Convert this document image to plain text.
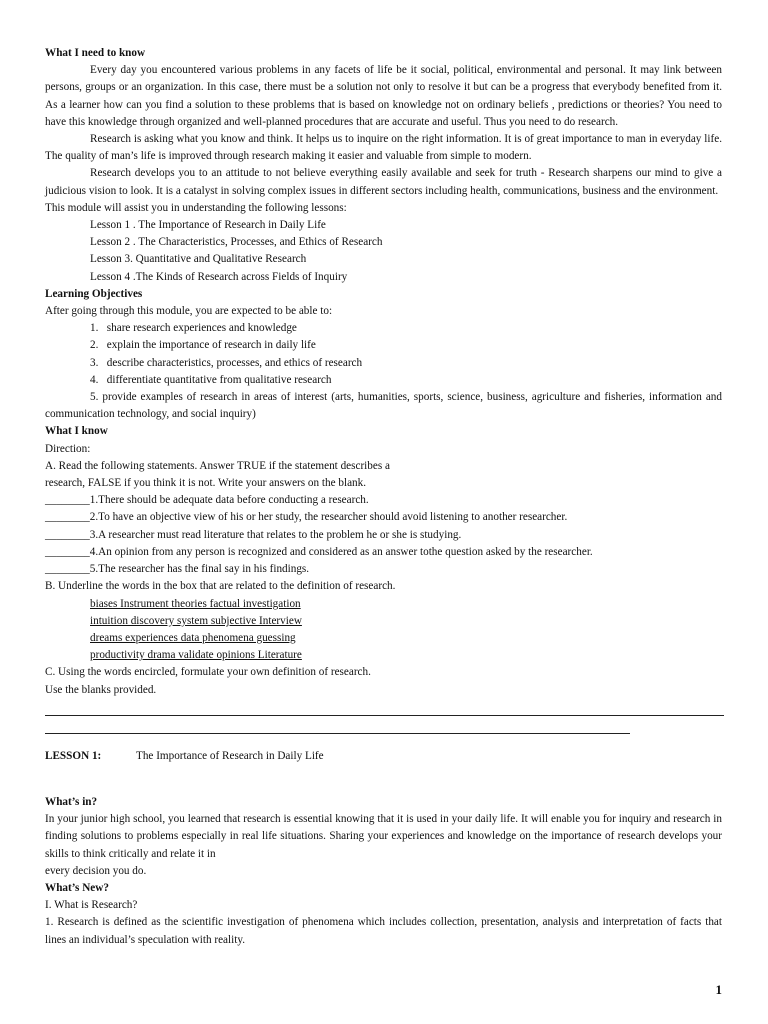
What I need to know

Every day you encountered various problems in any facets of life be it social, political, environmental and personal. It may link between persons, groups or an organization. In this case, there must be a solution not only to resolve it but can be a progress that everybody benefited from it. As a learner how can you find a solution to these problems that is based on knowledge not on ordinary beliefs , predictions or theories? You need to have this knowledge through organized and well-planned procedures that are accurate and useful. Thus you need to do research.

Research is asking what you know and think. It helps us to inquire on the right information. It is of great importance to man in everyday life. The quality of man’s life is improved through research making it easier and valuable from simple to modern.

Research develops you to an attitude to not believe everything easily available and seek for truth - Research sharpens our mind to give a judicious vision to look. It is a catalyst in solving complex issues in different sectors including health, communications, business and the environment.

This module will assist you in understanding the following lessons:

Lesson 1 . The Importance of Research in Daily Life

Lesson 2 . The Characteristics, Processes, and Ethics of Research

Lesson 3. Quantitative and Qualitative Research

Lesson 4 .The Kinds of Research across Fields of Inquiry

Learning Objectives

After going through this module, you are expected to be able to:

1. share research experiences and knowledge

2. explain the importance of research in daily life

3. describe characteristics, processes, and ethics of research

4. differentiate quantitative from qualitative research

5. provide examples of research in areas of interest (arts, humanities, sports, science, business, agriculture and fisheries, information and communication technology, and social inquiry)

What I know

Direction:

A. Read the following statements. Answer TRUE if the statement describes a

research, FALSE if you think it is not. Write your answers on the blank.

________1.There should be adequate data before conducting a research.

________2.To have an objective view of his or her study, the researcher should avoid listening to another researcher.

________3.A researcher must read literature that relates to the problem he or she is studying.

________4.An opinion from any person is recognized and considered as an answer tothe question asked by the researcher.

________5.The researcher has the final say in his findings.

B. Underline the words in the box that are related to the definition of research.

biases Instrument theories factual investigation

intuition discovery system subjective Interview

dreams experiences data phenomena guessing

productivity drama validate opinions Literature

C. Using the words encircled, formulate your own definition of research.

Use the blanks provided.

LESSON 1:	The Importance of Research in Daily Life

What’s in?

In your junior high school, you learned that research is essential knowing that it is used in your daily life. It will enable you for inquiry and research in finding solutions to problems especially in real life situations. Sharing your experiences and knowledge on the importance of research develops your skills to think critically and relate it in

every decision you do.

What’s New?

I. What is Research?

1. Research is defined as the scientific investigation of phenomena which includes collection, presentation, analysis and interpretation of facts that lines an individual’s speculation with reality.

1
